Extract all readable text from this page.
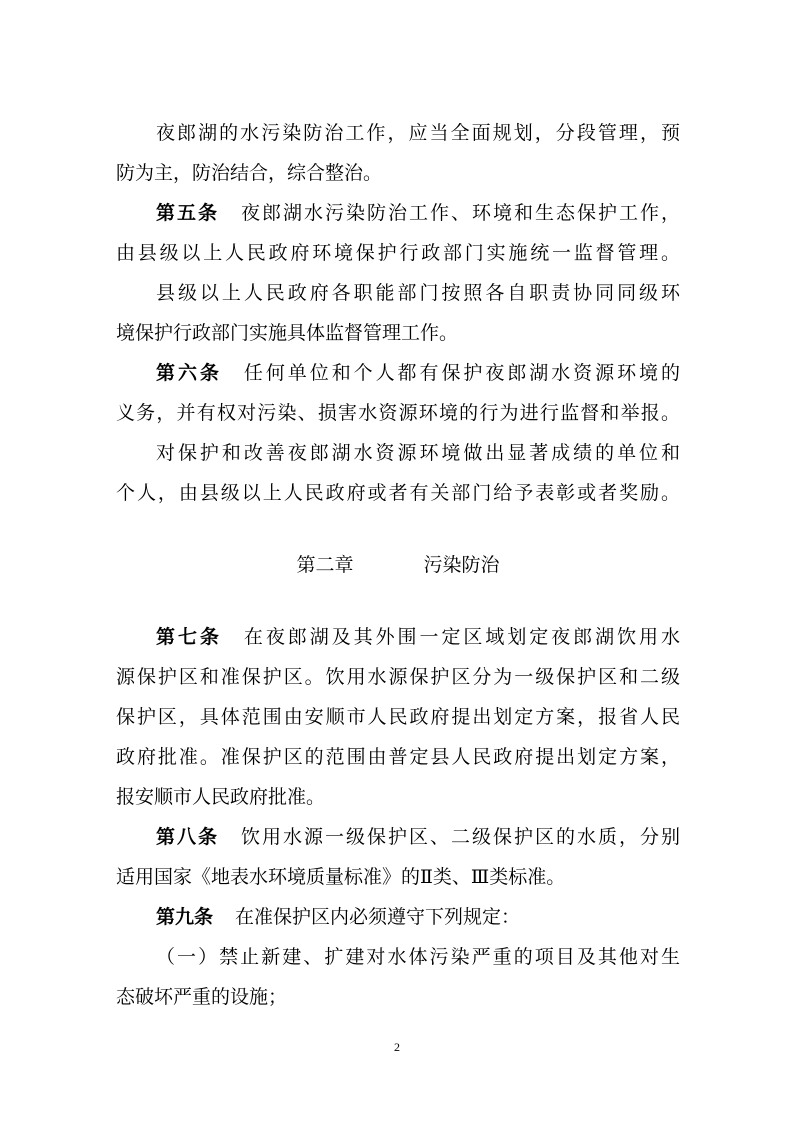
夜郎湖的水污染防治工作，应当全面规划，分段管理，预
防为主，防治结合，综合整治。
第五条 夜郎湖水污染防治工作、环境和生态保护工作，
由县级以上人民政府环境保护行政部门实施统一监督管理。
县级以上人民政府各职能部门按照各自职责协同同级环
境保护行政部门实施具体监督管理工作。
第六条 任何单位和个人都有保护夜郎湖水资源环境的
义务，并有权对污染、损害水资源环境的行为进行监督和举报。
对保护和改善夜郎湖水资源环境做出显著成绩的单位和
个人，由县级以上人民政府或者有关部门给予表彰或者奖励。
第二章	污染防治
第七条 在夜郎湖及其外围一定区域划定夜郎湖饮用水
源保护区和准保护区。饮用水源保护区分为一级保护区和二级
保护区，具体范围由安顺市人民政府提出划定方案，报省人民
政府批准。准保护区的范围由普定县人民政府提出划定方案，
报安顺市人民政府批准。
第八条 饮用水源一级保护区、二级保护区的水质，分别
适用国家《地表水环境质量标准》的Ⅱ类、Ⅲ类标准。
第九条 在准保护区内必须遵守下列规定：
（一）禁止新建、扩建对水体污染严重的项目及其他对生
态破坏严重的设施；
2
